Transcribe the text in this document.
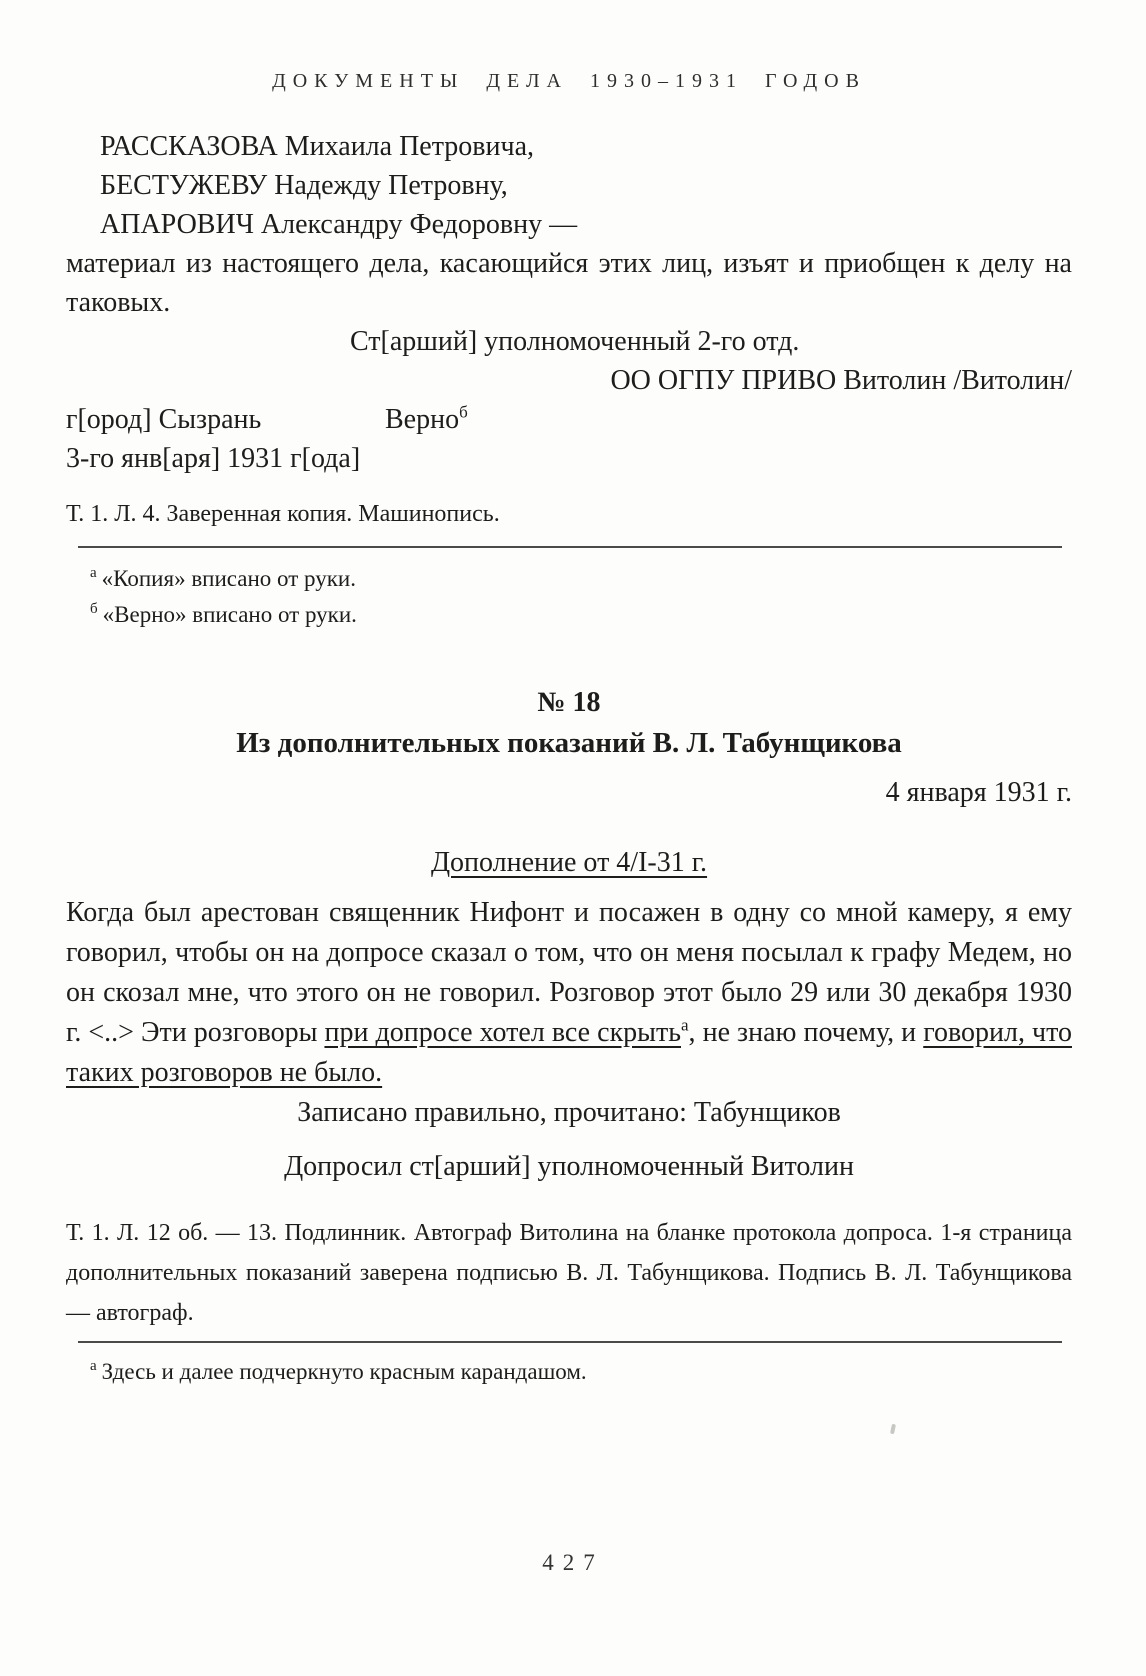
ДОКУМЕНТЫ ДЕЛА 1930–1931 ГОДОВ
РАССКАЗОВА Михаила Петровича,
БЕСТУЖЕВУ Надежду Петровну,
АПАРОВИЧ Александру Федоровну —

материал из настоящего дела, касающийся этих лиц, изъят и приобщен к делу на таковых.

Ст[арший] уполномоченный 2-го отд.
ОО ОГПУ ПРИВО Витолин /Витолин/
г[ород] Сызрань	Верно$^б$
3-го янв[аря] 1931 г[ода]
Т. 1. Л. 4. Заверенная копия. Машинопись.
$^а$ «Копия» вписано от руки.
$^б$ «Верно» вписано от руки.
№ 18
Из дополнительных показаний В. Л. Табунщикова
4 января 1931 г.
Дополнение от 4/I-31 г.

Когда был арестован священник Нифонт и посажен в одну со мной камеру, я ему говорил, чтобы он на допросе сказал о том, что он меня посылал к графу Медем, но он скозал мне, что этого он не говорил. Розговор этот было 29 или 30 декабря 1930 г. <..> Эти розговоры при допросе хотел все скрыть$^а$, не знаю почему, и говорил, что таких розговоров не было.

Записано правильно, прочитано: Табунщиков
Допросил ст[арший] уполномоченный Витолин
Т. 1. Л. 12 об. — 13. Подлинник. Автограф Витолина на бланке протокола допроса. 1-я страница дополнительных показаний заверена подписью В. Л. Табунщикова. Подпись В. Л. Табунщикова — автограф.
$^а$ Здесь и далее подчеркнуто красным карандашом.
427
